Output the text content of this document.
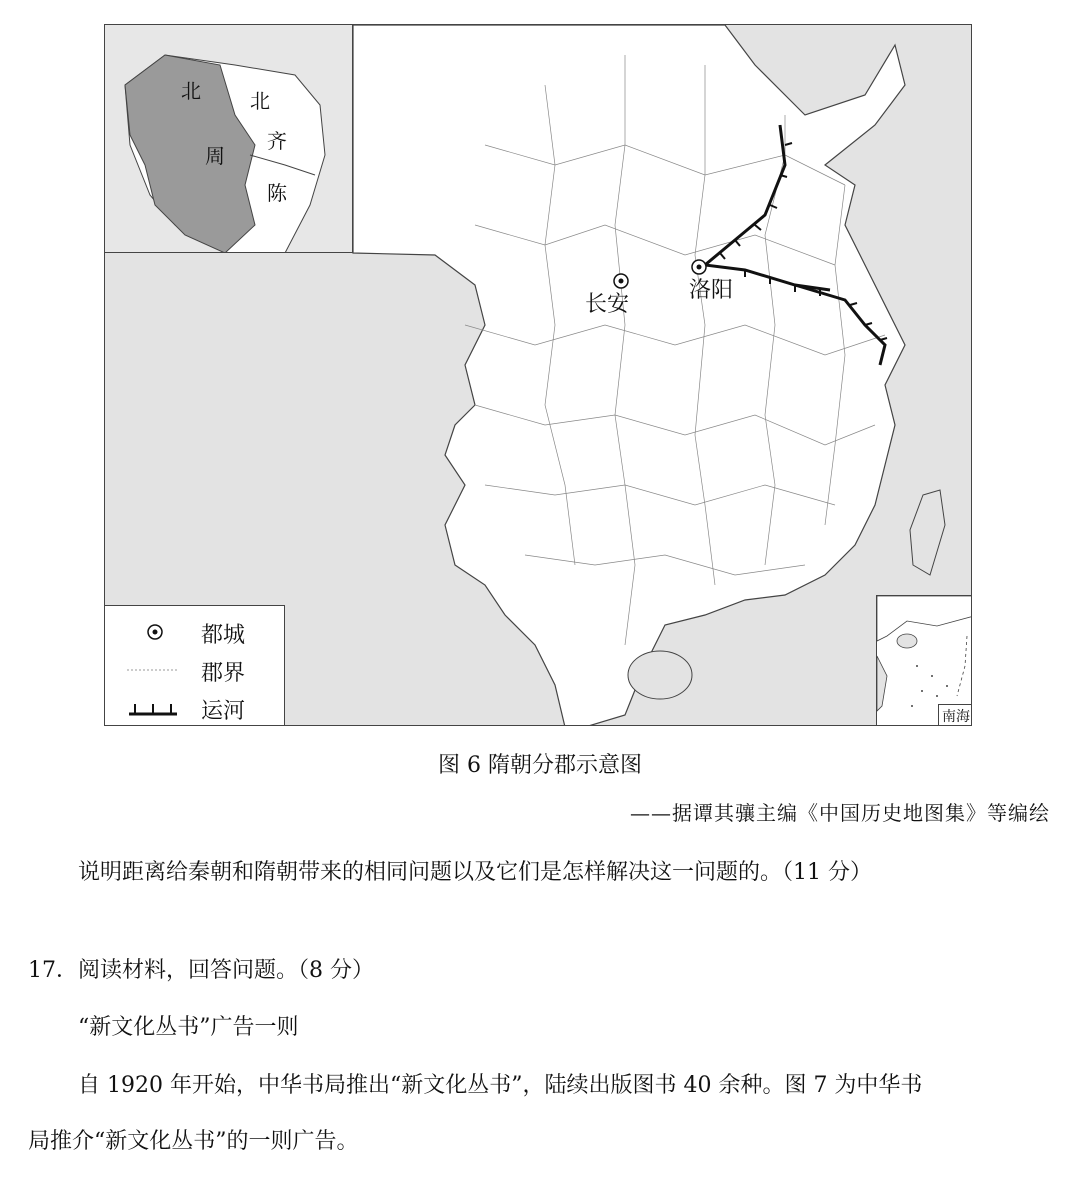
长安
洛阳
北
周
北
齐
陈
都城
郡界
运河	南海
图 6 隋朝分郡示意图
——据谭其骧主编《中国历史地图集》等编绘
说明距离给秦朝和隋朝带来的相同问题以及它们是怎样解决这一问题的。（11 分）
17．阅读材料，回答问题。（8 分）
“新文化丛书”广告一则
自 1920 年开始，中华书局推出“新文化丛书”，陆续出版图书 40 余种。图 7 为中华书
局推介“新文化丛书”的一则广告。
